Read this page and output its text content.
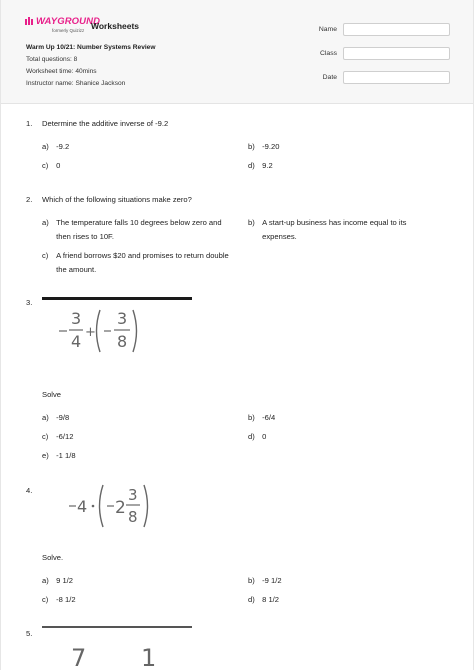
WAYGROUND
formerly Quizizz Worksheets
Warm Up 10/21: Number Systems Review
Total questions: 8
Worksheet time: 40mins
Instructor name: Shanice Jackson
Name
Class
Date
1. Determine the additive inverse of -9.2
a) -9.2	b) -9.20
c) 0	d) 9.2
2. Which of the following situations make zero?
a) The temperature falls 10 degrees below zero and then rises to 10F.
b) A start-up business has income equal to its expenses.
c) A friend borrows $20 and promises to return double the amount.
3.
3
4 +
3
8
Solve
a) -9/8	b) -6/4
c) -6/12	d) 0
e) -1 1/8
4.
4 2
3
8
Solve.
a) 9 1/2	b) -9 1/2
c) -8 1/2	d) 8 1/2
5.
7 1
